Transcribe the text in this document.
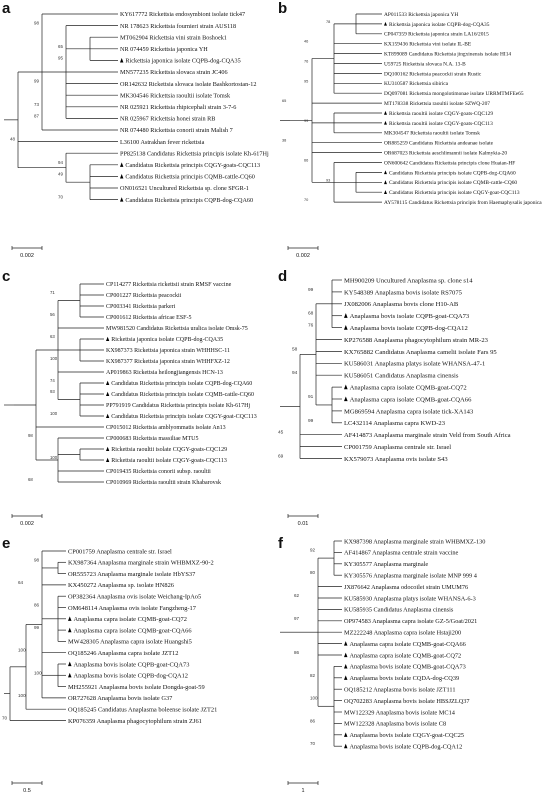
a	KY617772 Rickettsia endosymbiont isolate tick47
NR 178623 Rickettsia fournieri strain AUS118
MT062904 Rickettsia vini strain Boshoek1
NR 074459 Rickettsia japonica YH
Rickettsia japonica isolate CQPB-dog-CQA35
MN577235 Rickettsia slovaca strain JC406
OR142632 Rickettsia slovaca isolate Bashkortostan-12
MK304546 Rickettsia raoultii isolate Tomsk
NR 025921 Rickettsia rhipicephali strain 3-7-6
NR 025967 Rickettsia honei strain RB
NR 074480 Rickettsia conorii strain Malish 7
L36100 Astrakhan fever rickettsia
PP825138 Candidatus Rickettsia principis isolate Kh-617Hj
Candidatus Rickettsia principis CQGY-goats-CQC113
Candidatus Rickettsia principis CQMB-cattle-CQ60
ON016521 Uncultured Rickettsia sp. clone SFGR-1
Candidatus Rickettsia principis CQPB-dog-CQA60
98
65
95
99
73
87
48
94
49
70
0.002
b	AP011533 Rickettsia japonica YH
Rickettsia japonica isolate CQPB-dog-CQA35
CP047359 Rickettsia japonica strain LA16/2015
KX159436 Rickettsia vini isolate IL-BE
KT899089 Candidatus Rickettsia jingxinensis isolate HI14
U59725 Rickettsia slovaca N.A. 13-B
DQ100162 Rickettsia peacockii strain Rustic
KU310587 Rickettsia sibirica
DQ097081 Rickettsia mongolotimonae isolate URRMTMFEe65
MT178338 Rickettsia raoultii isolate SZWQ-207
Rickettsia raoultii isolate CQGY-goats-CQC129
Rickettsia raoultii isolate CQGY-goats-CQC113
MK304547 Rickettsia raoultii isolate Tomsk
OR885259 Candidatus Rickettsia andeanae isolate
OR687023 Rickettsia aeschlimannii isolate Kalmykia-20
ON600642 Candidatus Rickettsia principis clone Huaian-HF
Candidatus Rickettsia principis isolate CQPB-dog-CQA60
Candidatus Rickettsia principis isolate CQMB-cattle-CQ60
Candidatus Rickettsia principis isolate CQGY-goat-CQC113
AY578115 Candidatus Rickettsia principis from Haemaphysalis japonica
78
46
76
95
65
99
38
66
93
70
0.002
c
CP114277 Rickettsia rickettsii strain RMSF vaccine
CP001227 Rickettsia peacockii
CP003341 Rickettsia parkeri
CP001612 Rickettsia africae ESF-5
MW981520 Candidatus Rickettsia uralica isolate Omsk-75
Rickettsia japonica isolate CQPB-dog-CQA35
KX987373 Rickettsia japonica strain WHHHSC-11
KX987377 Rickettsia japonica strain WHHFXZ-12
AP019863 Rickettsia heilongjiangensis HCN-13
Candidatus Rickettsia principis isolate CQPB-dog-CQA60
Candidatus Rickettsia principis isolate CQMB-cattle-CQ60
PP791919 Candidatus Rickettsia principis isolate Kh-617Hj
Candidatus Rickettsia principis isolate CQGY-goat-CQC113
CP015012 Rickettsia amblyommatis isolate An13
CP000683 Rickettsia massiliae MTU5
Rickettsia raoultii isolate CQGY-goats-CQC129
Rickettsia raoultii isolate CQGY-goats-CQC113
CP019435 Rickettsia conorii subsp. raoultii
CP010969 Rickettsia raoultii strain Khabarovsk
71
56
63
100
74
93
100
98
100
68
0.002
d	MH900209 Uncultured Anaplasma sp. clone s14
KY548389 Anaplasma bovis isolate RS7075
JX082006 Anaplasma bovis clone H10-AB
Anaplasma bovis isolate CQPB-goat-CQA73
Anaplasma bovis isolate CQPB-dog-CQA12
KP276588 Anaplasma phagocytophilum strain MR-23
KX765882 Candidatus Anaplasma camelii isolate Fars 95
KU586031 Anaplasma platys isolate WHANSA-47-1
KU586051 Candidatus Anaplasma cinensis
Anaplasma capra isolate CQMB-goat-CQ72
Anaplasma capra isolate CQMB-goat-CQA66
MG869594 Anaplasma capra isolate tick-XA143
LC432114 Anaplasma capra KWD-23
AF414873 Anaplasma marginale strain Veld from South Africa
CP001759 Anaplasma centrale str. Israel
KX579073 Anaplasma ovis isolate S43
99
68
76
58
94
91
99
45
69
0.01
e	CP001759 Anaplasma centrale str. Israel
KX987364 Anaplasma marginale strain WHBMXZ-90-2
OR555723 Anaplasma marginale isolate HbYS37
KX450272 Anaplasma sp. isolate HN826
OP382364 Anaplasma ovis isolate Weichang-IpAo5
OM648114 Anaplasma ovis isolate Fangzheng-17
Anaplasma capra isolate CQMB-goat-CQ72
Anaplasma capra isolate CQMB-goat-CQA66
MW428305 Anaplasma capra isolate Huangshi5
OQ185246 Anaplasma capra isolate JZT12
Anaplasma bovis isolate CQPB-goat-CQA73
Anaplasma bovis isolate CQPB-dog-CQA12
MH255921 Anaplasma bovis isolate Dongda-goat-59
OR727628 Anaplasma bovis isolate G37
OQ185245 Candidatus Anaplasma boleense isolate JZT21
KP076359 Anaplasma phagocytophilum strain ZJ61
98
64
86
99
100
100
100
70
0.5
f	KX987398 Anaplasma marginale strain WHBMXZ-130
AF414867 Anaplasma centrale strain vaccine
KY305577 Anaplasma marginale
KY305576 Anaplasma marginale isolate MNP 999 4
JX876642 Anaplasma odocoilei strain UMUM76
KU585930 Anaplasma platys isolate WHANSA-6-3
KU585935 Candidatus Anaplasma cinensis
OP974583 Anaplasma capra isolate GZ-5/Goat/2021
MZ222248 Anaplasma capra isolate Hstaji200
Anaplasma capra isolate CQMB-goat-CQA66
Anaplasma capra isolate CQMB-goat-CQ72
Anaplasma bovis isolate CQMB-goat-CQA73
Anaplasma bovis isolate CQDA-dog-CQ39
OQ185212 Anaplasma bovis isolate JZT111
OQ702283 Anaplasma bovis isolate HBSJZLQ37
MW122329 Anaplasma bovis isolate MC14
MW122328 Anaplasma bovis isolate C8
Anaplasma bovis isolate CQGY-goat-CQC25
Anaplasma bovis isolate CQPB-dog-CQA12
92
80
62
97
86
82
100
86
70
1
